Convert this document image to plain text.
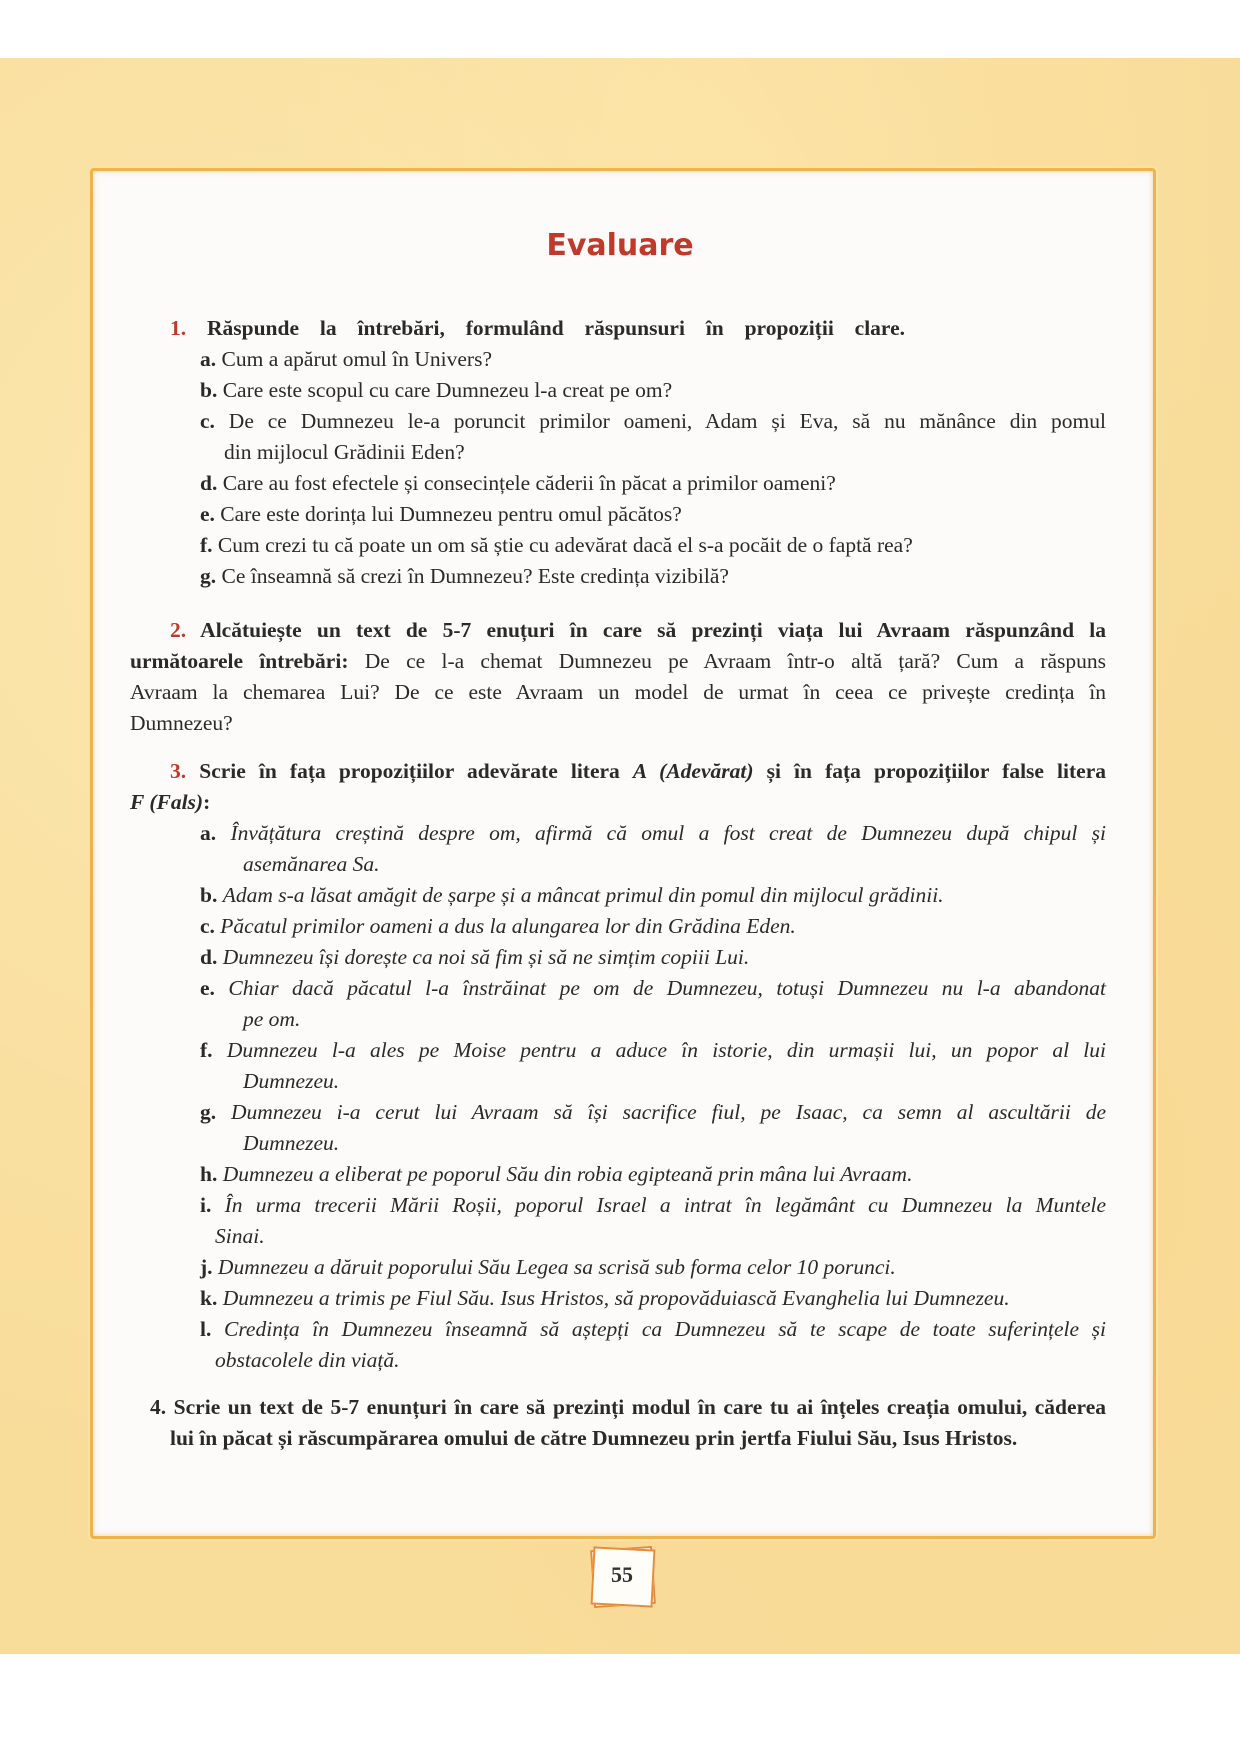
Evaluare
1. Răspunde la întrebări, formulând răspunsuri în propoziții clare.
a. Cum a apărut omul în Univers?
b. Care este scopul cu care Dumnezeu l-a creat pe om?
c. De ce Dumnezeu le-a poruncit primilor oameni, Adam și Eva, să nu mănânce din pomul
din mijlocul Grădinii Eden?
d. Care au fost efectele și consecințele căderii în păcat a primilor oameni?
e. Care este dorința lui Dumnezeu pentru omul păcătos?
f. Cum crezi tu că poate un om să știe cu adevărat dacă el s-a pocăit de o faptă rea?
g. Ce înseamnă să crezi în Dumnezeu? Este credința vizibilă?
2. Alcătuiește un text de 5-7 enuțuri în care să prezinți viața lui Avraam răspunzând la
următoarele întrebări: De ce l-a chemat Dumnezeu pe Avraam într-o altă țară? Cum a răspuns
Avraam la chemarea Lui? De ce este Avraam un model de urmat în ceea ce privește credința în
Dumnezeu?
3. Scrie în fața propozițiilor adevărate litera A (Adevărat) și în fața propozițiilor false litera
F (Fals):
a. Învățătura creștină despre om, afirmă că omul a fost creat de Dumnezeu după chipul și
asemănarea Sa.
b. Adam s-a lăsat amăgit de șarpe și a mâncat primul din pomul din mijlocul grădinii.
c. Păcatul primilor oameni a dus la alungarea lor din Grădina Eden.
d. Dumnezeu își dorește ca noi să fim și să ne simțim copiii Lui.
e. Chiar dacă păcatul l-a înstrăinat pe om de Dumnezeu, totuși Dumnezeu nu l-a abandonat
pe om.
f. Dumnezeu l-a ales pe Moise pentru a aduce în istorie, din urmașii lui, un popor al lui
Dumnezeu.
g. Dumnezeu i-a cerut lui Avraam să își sacrifice fiul, pe Isaac, ca semn al ascultării de
Dumnezeu.
h. Dumnezeu a eliberat pe poporul Său din robia egipteană prin mâna lui Avraam.
i. În urma trecerii Mării Roșii, poporul Israel a intrat în legământ cu Dumnezeu la Muntele
Sinai.
j. Dumnezeu a dăruit poporului Său Legea sa scrisă sub forma celor 10 porunci.
k. Dumnezeu a trimis pe Fiul Său. Isus Hristos, să propovăduiască Evanghelia lui Dumnezeu.
l. Credința în Dumnezeu înseamnă să aștepți ca Dumnezeu să te scape de toate suferințele și
obstacolele din viață.
4. Scrie un text de 5-7 enunțuri în care să prezinți modul în care tu ai înțeles creația omului, căderea
lui în păcat și răscumpărarea omului de către Dumnezeu prin jertfa Fiului Său, Isus Hristos.
55
